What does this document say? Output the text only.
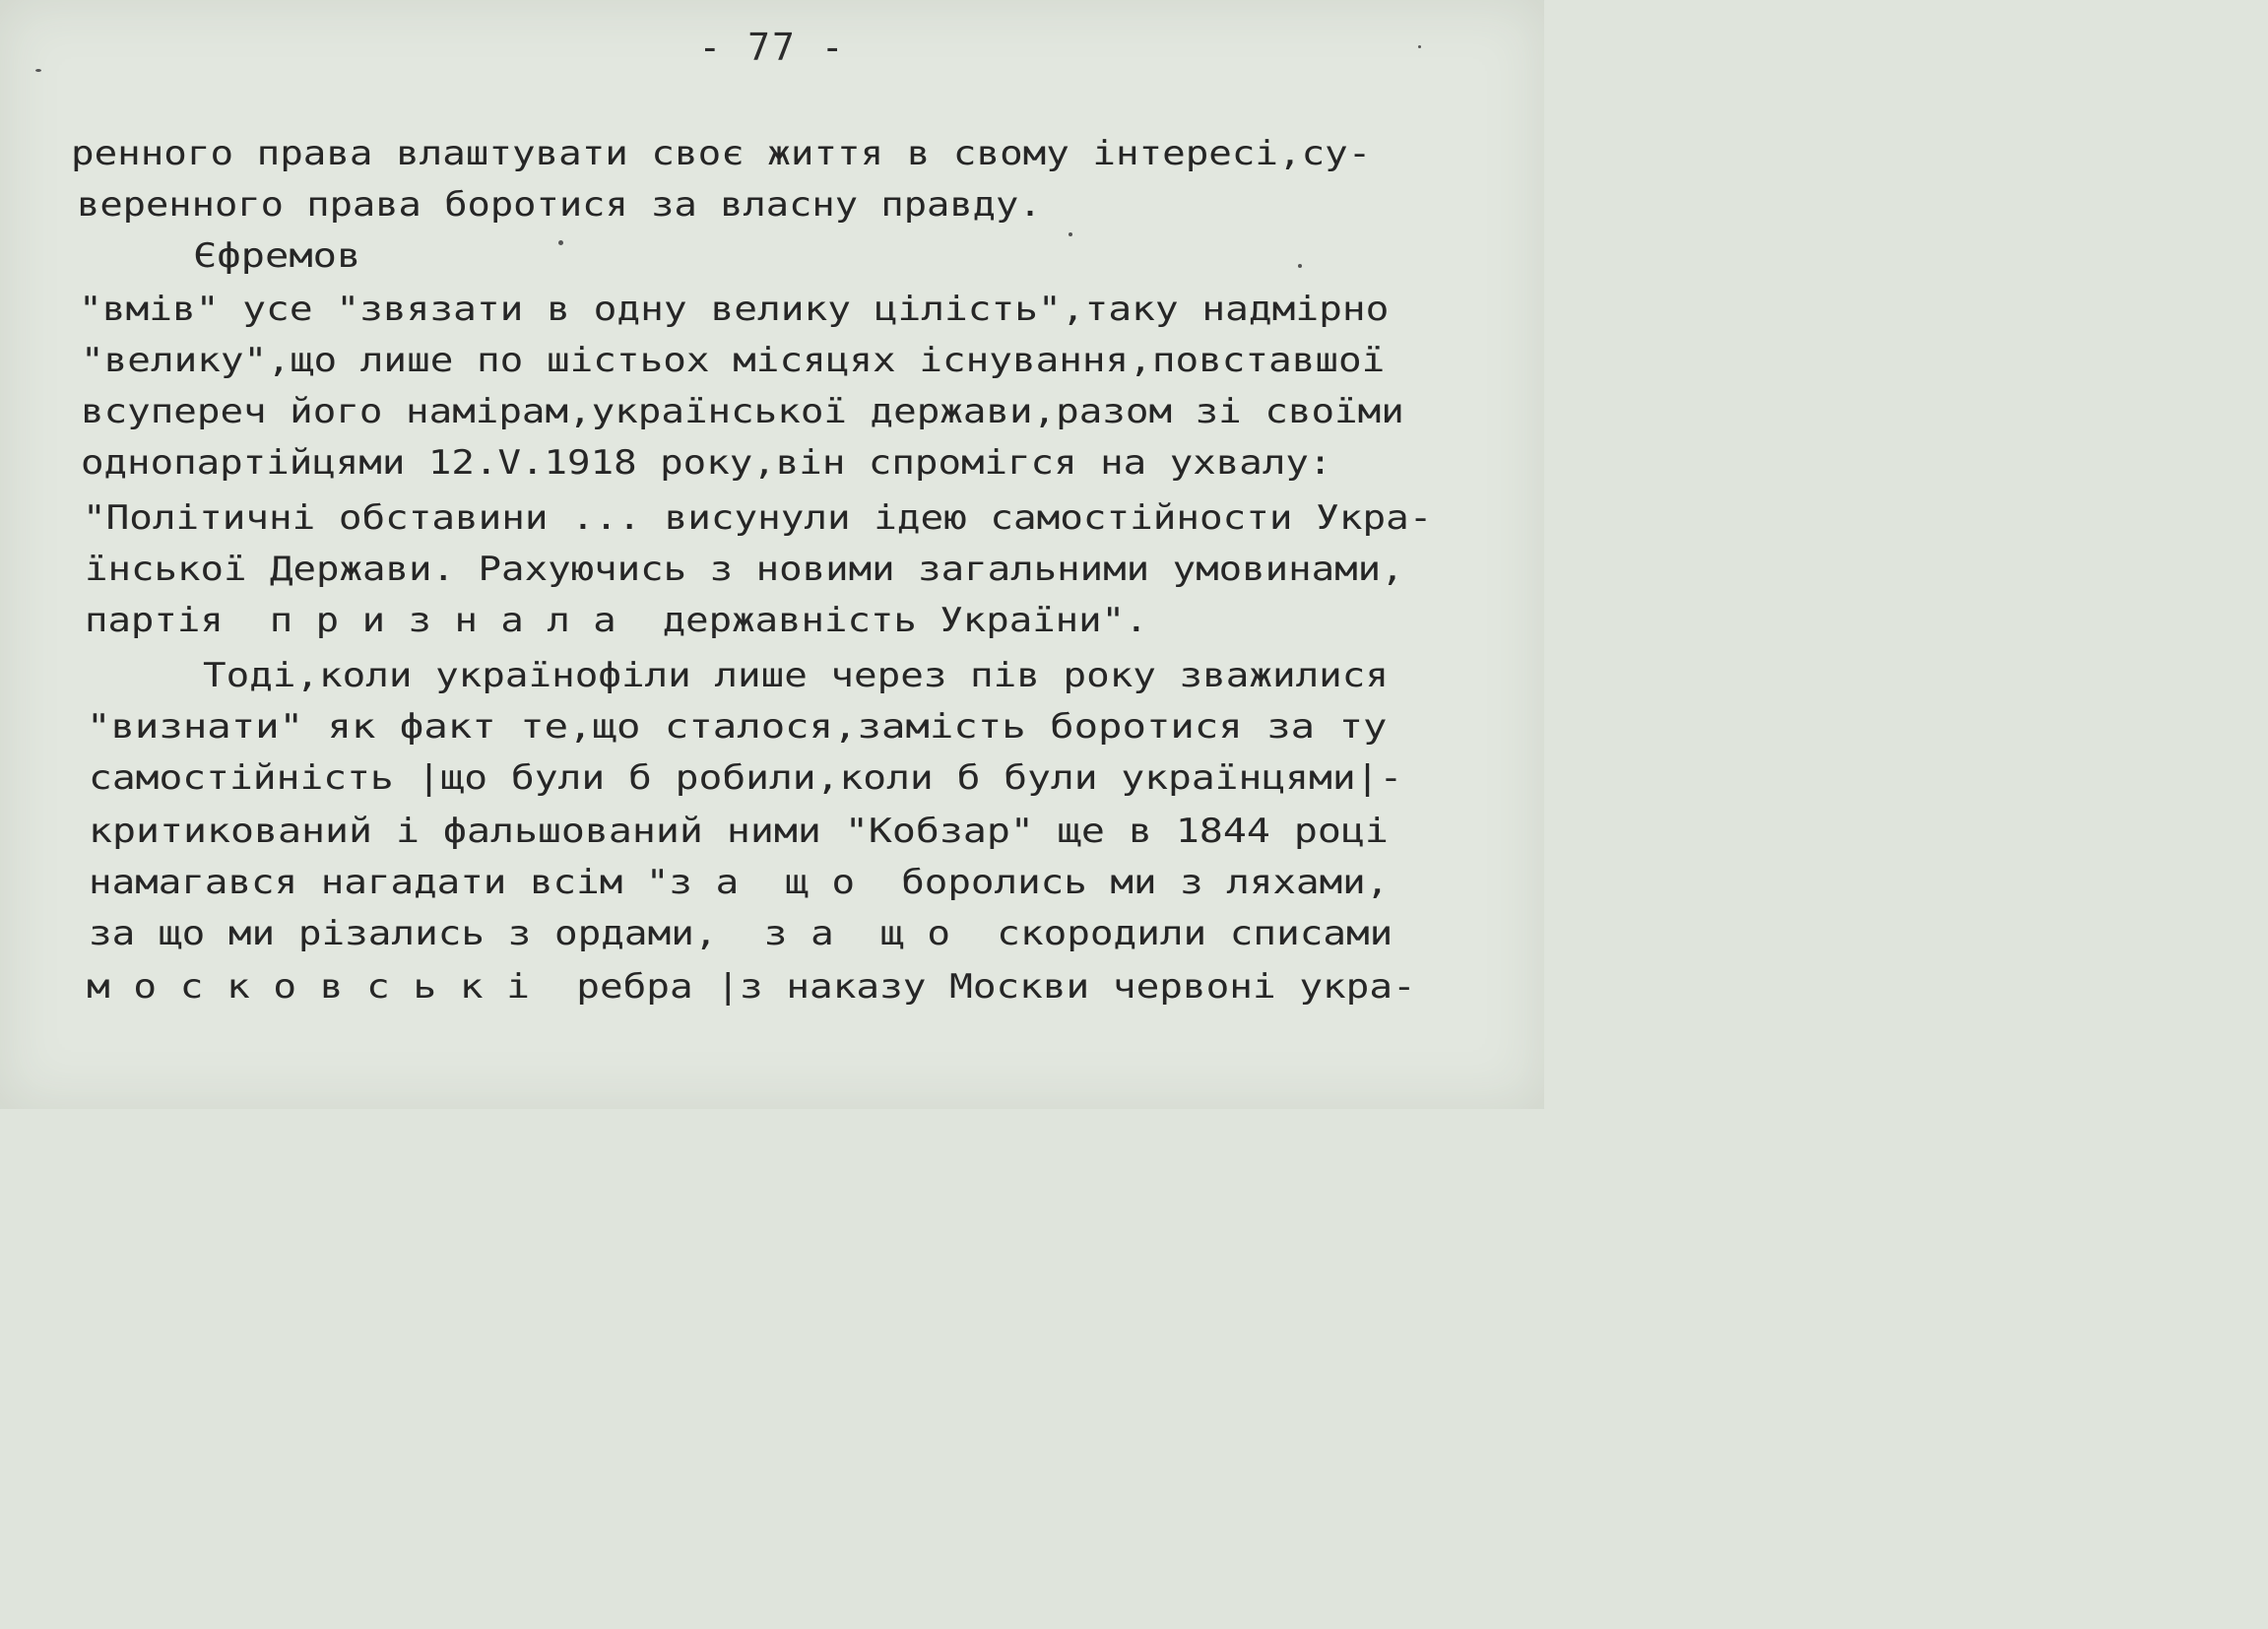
- 77 -
ренного права влаштувати своє життя в свому інтересі,су-
веренного права боротися за власну правду.
Єфремов
"вмів" усе "звязати в одну велику цілість",таку надмірно
"велику",що лише по шістьох місяцях існування,повставшої
всупереч його намірам,української держави,разом зі своїми
однопартійцями 12.V.1918 року,він спромігся на ухвалу:
"Політичні обставини ... висунули ідею самостійности Укра-
їнської Держави. Рахуючись з новими загальними умовинами,
партія  п р и з н а л а  державність України".
Тоді,коли українофіли лише через пів року зважилися
"визнати" як факт те,що сталося,замість боротися за ту
самостійність |що були б робили,коли б були українцями|-
критикований і фальшований ними "Кобзар" ще в 1844 році
намагався нагадати всім "з а  щ о  боролись ми з ляхами,
за що ми різались з ордами,  з а  щ о  скородили списами
м о с к о в с ь к і  ребра |з наказу Москви червоні укра-
